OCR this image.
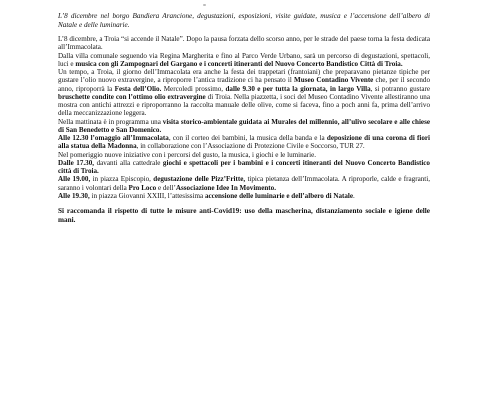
L’8 dicembre nel borgo Bandiera Arancione, degustazioni, esposizioni, visite guidate, musica e l’accensione dell’albero di Natale e delle luminarie.

L’8 dicembre, a Troia “si accende il Natale”. Dopo la pausa forzata dello scorso anno, per le strade del paese torna la festa dedicata all’Immacolata.
Dalla villa comunale seguendo via Regina Margherita e fino al Parco Verde Urbano, sarà un percorso di degustazioni, spettacoli, luci e musica con gli Zampognari del Gargano e i concerti itineranti del Nuovo Concerto Bandistico Città di Troia.

Un tempo, a Troia, il giorno dell’Immacolata era anche la festa dei trappetari (frantoiani) che preparavano pietanze tipiche per gustare l’olio nuovo extravergine, a riproporre l’antica tradizione ci ha pensato il Museo Contadino Vivente che, per il secondo anno, riproporrà la Festa dell’Olio. Mercoledì prossimo, dalle 9.30 e per tutta la giornata, in largo Villa, si potranno gustare bruschette condite con l’ottimo olio extravergine di Troia. Nella piazzetta, i soci del Museo Contadino Vivente allestiranno una mostra con antichi attrezzi e riproporranno la raccolta manuale delle olive, come si faceva, fino a poch anni fa, prima dell’arrivo della meccanizzazione leggera.

Nella mattinata è in programma una visita storico-ambientale guidata ai Murales del millennio, all’ulivo secolare e alle chiese di San Benedetto e San Domenico.
Alle 12.30 l’omaggio all’Immacolata, con il corteo dei bambini, la musica della banda e la deposizione di una corona di fiori alla statua della Madonna, in collaborazione con l’Associazione di Protezione Civile e Soccorso, TUR 27.
Nel pomeriggio nuove iniziative con i percorsi del gusto, la musica, i giochi e le luminarie.
Dalle 17.30, davanti alla cattedrale giochi e spettacoli per i bambini e i concerti itineranti del Nuovo Concerto Bandistico città di Troia.
Alle 19.00, in piazza Episcopio, degustazione delle Pizz’Fritte, tipica pietanza dell’Immacolata. A riproporle, calde e fragranti, saranno i volontari della Pro Loco e dell’Associazione Idee In Movimento.
Alle 19.30, in piazza Giovanni XXIII, l’attesissima accensione delle luminarie e dell’albero di Natale.

Si raccomanda il rispetto di tutte le misure anti-Covid19: uso della mascherina, distanziamento sociale e igiene delle mani.
